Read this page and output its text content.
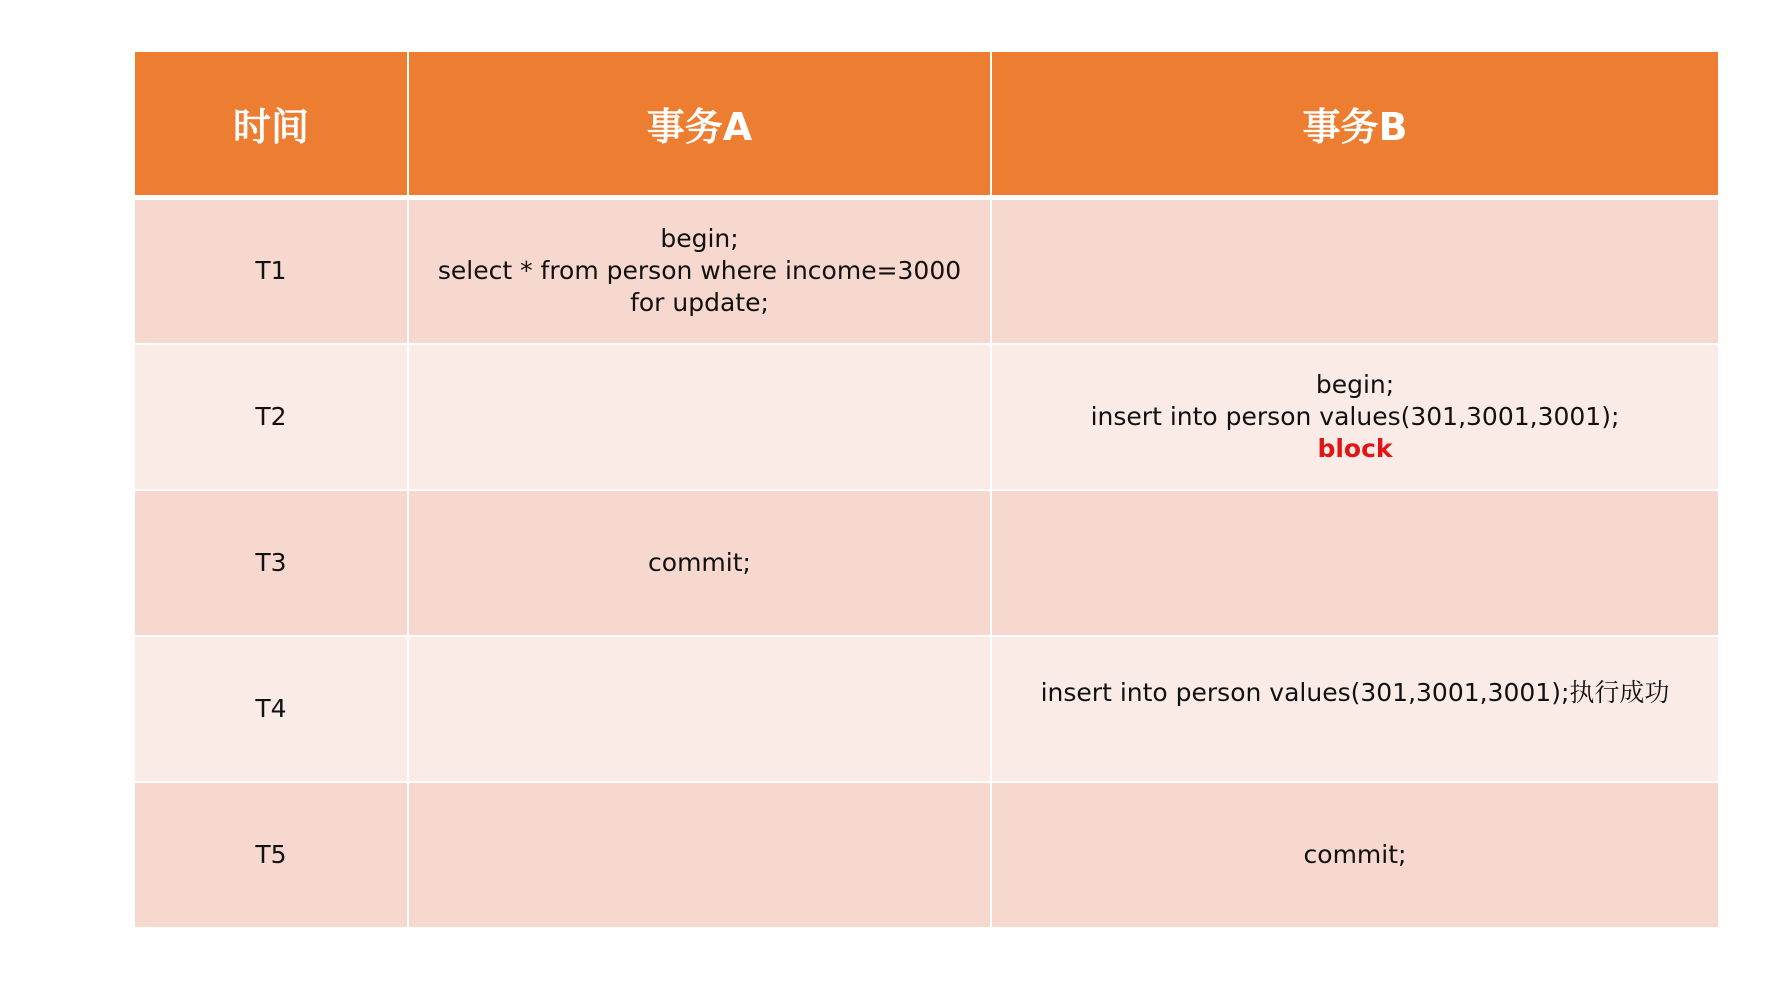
时间	事务A	事务B
T1	begin;
select * from person where income=3000
for update;	

T2		begin;
insert into person values(301,3001,3001);
block

T3	commit;	

T4		insert into person values(301,3001,3001);执行成功

T5		commit;
